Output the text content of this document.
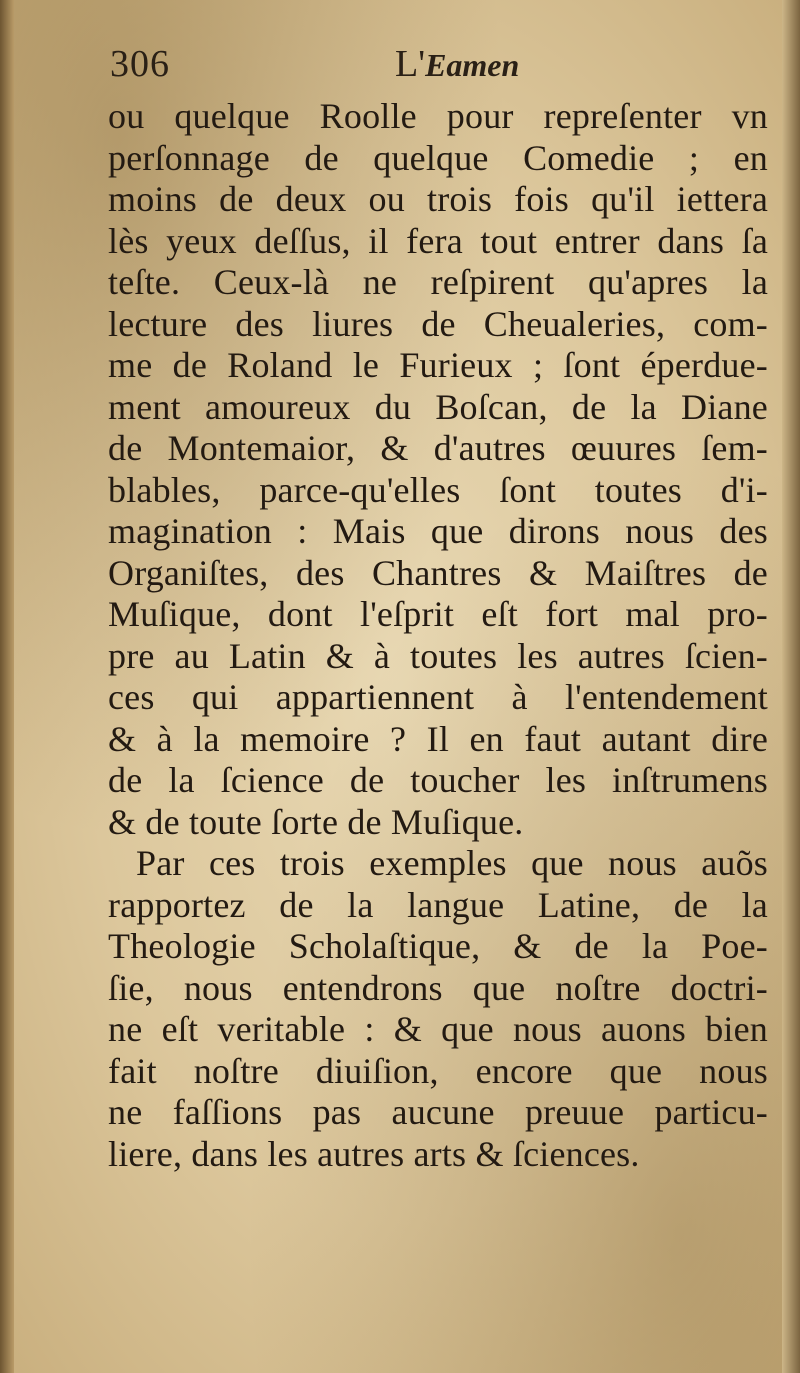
306	L'Eamen
ou quelque Roolle pour repreſenter vn
perſonnage de quelque Comedie ; en
moins de deux ou trois fois qu'il iettera
lès yeux deſſus, il fera tout entrer dans ſa
teſte. Ceux-là ne reſpirent qu'apres la
lecture des liures de Cheualeries, com-
me de Roland le Furieux ; ſont éperdue-
ment amoureux du Boſcan, de la Diane
de Montemaior, & d'autres œuures ſem-
blables, parce-qu'elles ſont toutes d'i-
magination : Mais que dirons nous des
Organiſtes, des Chantres & Maiſtres de
Muſique, dont l'eſprit eſt fort mal pro-
pre au Latin & à toutes les autres ſcien-
ces qui appartiennent à l'entendement
& à la memoire ? Il en faut autant dire
de la ſcience de toucher les inſtrumens
& de toute ſorte de Muſique.
Par ces trois exemples que nous auõs
rapportez de la langue Latine, de la
Theologie Scholaſtique, & de la Poe-
ſie, nous entendrons que noſtre doctri-
ne eſt veritable : & que nous auons bien
fait noſtre diuiſion, encore que nous
ne faſſions pas aucune preuue particu-
liere, dans les autres arts & ſciences.
